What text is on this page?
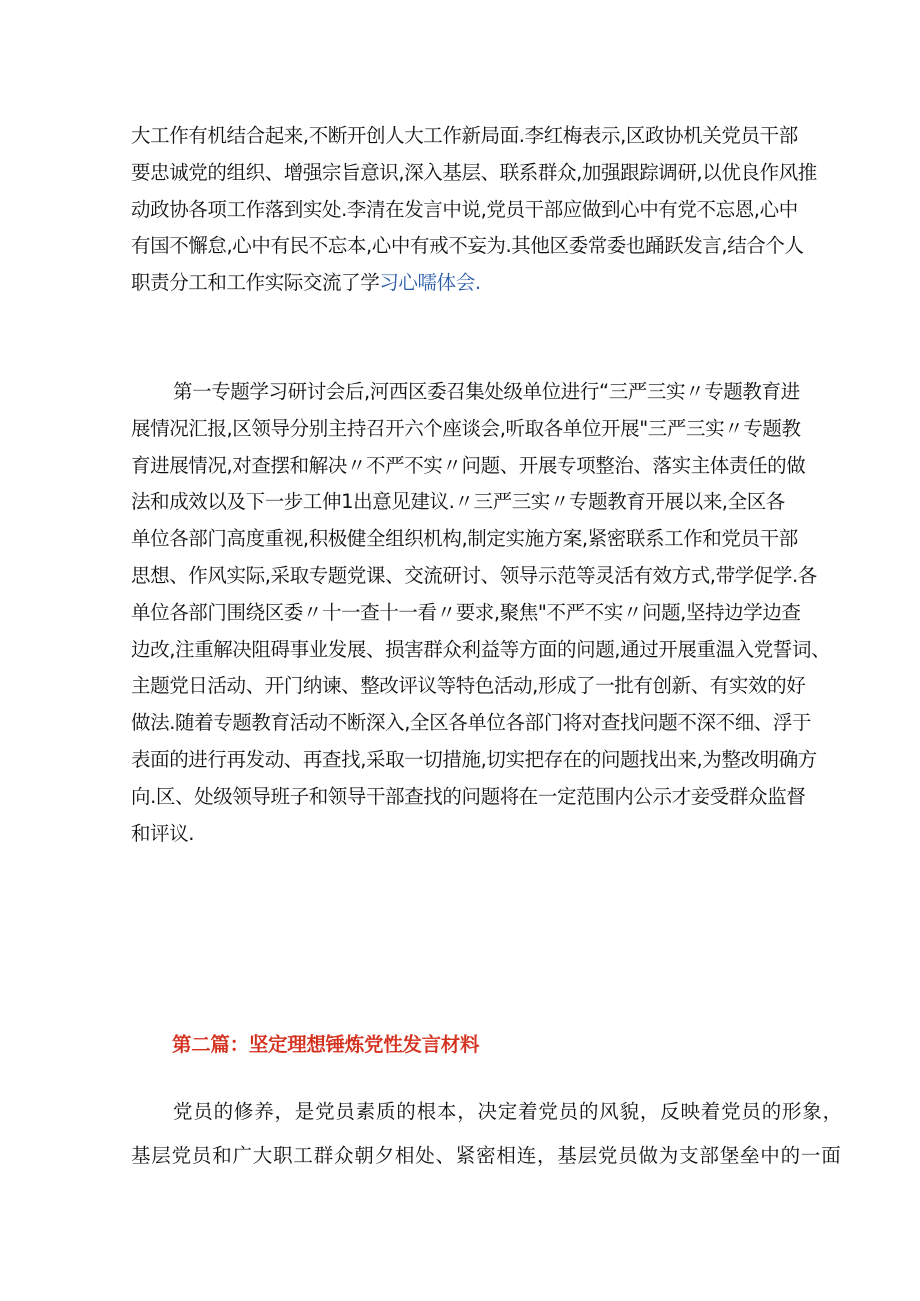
大工作有机结合起来,不断开创人大工作新局面.李红梅表示,区政协机关党员干部
要忠诚党的组织、增强宗旨意识,深入基层、联系群众,加强跟踪调研,以优良作风推
动政协各项工作落到实处.李清在发言中说,党员干部应做到心中有党不忘恩,心中
有国不懈怠,心中有民不忘本,心中有戒不妄为.其他区委常委也踊跃发言,结合个人
职责分工和工作实际交流了学习心嚅体会.
第一专题学习研讨会后,河西区委召集处级单位进行“三严三实〃专题教育进
展情况汇报,区领导分别主持召开六个座谈会,听取各单位开展"三严三实〃专题教
育进展情况,对查摆和解决〃不严不实〃问题、开展专项整治、落实主体责任的做
法和成效以及下一步工伸1出意见建议.〃三严三实〃专题教育开展以来,全区各
单位各部门高度重视,积极健全组织机构,制定实施方案,紧密联系工作和党员干部
思想、作风实际,采取专题党课、交流研讨、领导示范等灵活有效方式,带学促学.各
单位各部门围绕区委〃十一查十一看〃要求,聚焦"不严不实〃问题,坚持边学边查
边改,注重解决阻碍事业发展、损害群众利益等方面的问题,通过开展重温入党誓词、
主题党日活动、开门纳谏、整改评议等特色活动,形成了一批有创新、有实效的好
做法.随着专题教育活动不断深入,全区各单位各部门将对查找问题不深不细、浮于
表面的进行再发动、再查找,采取一切措施,切实把存在的问题找出来,为整改明确方
向.区、处级领导班子和领导干部查找的问题将在一定范围内公示才妾受群众监督
和评议.
第二篇：坚定理想锤炼党性发言材料
党员的修养，是党员素质的根本，决定着党员的风貌，反映着党员的形象，
基层党员和广大职工群众朝夕相处、紧密相连，基层党员做为支部堡垒中的一面
